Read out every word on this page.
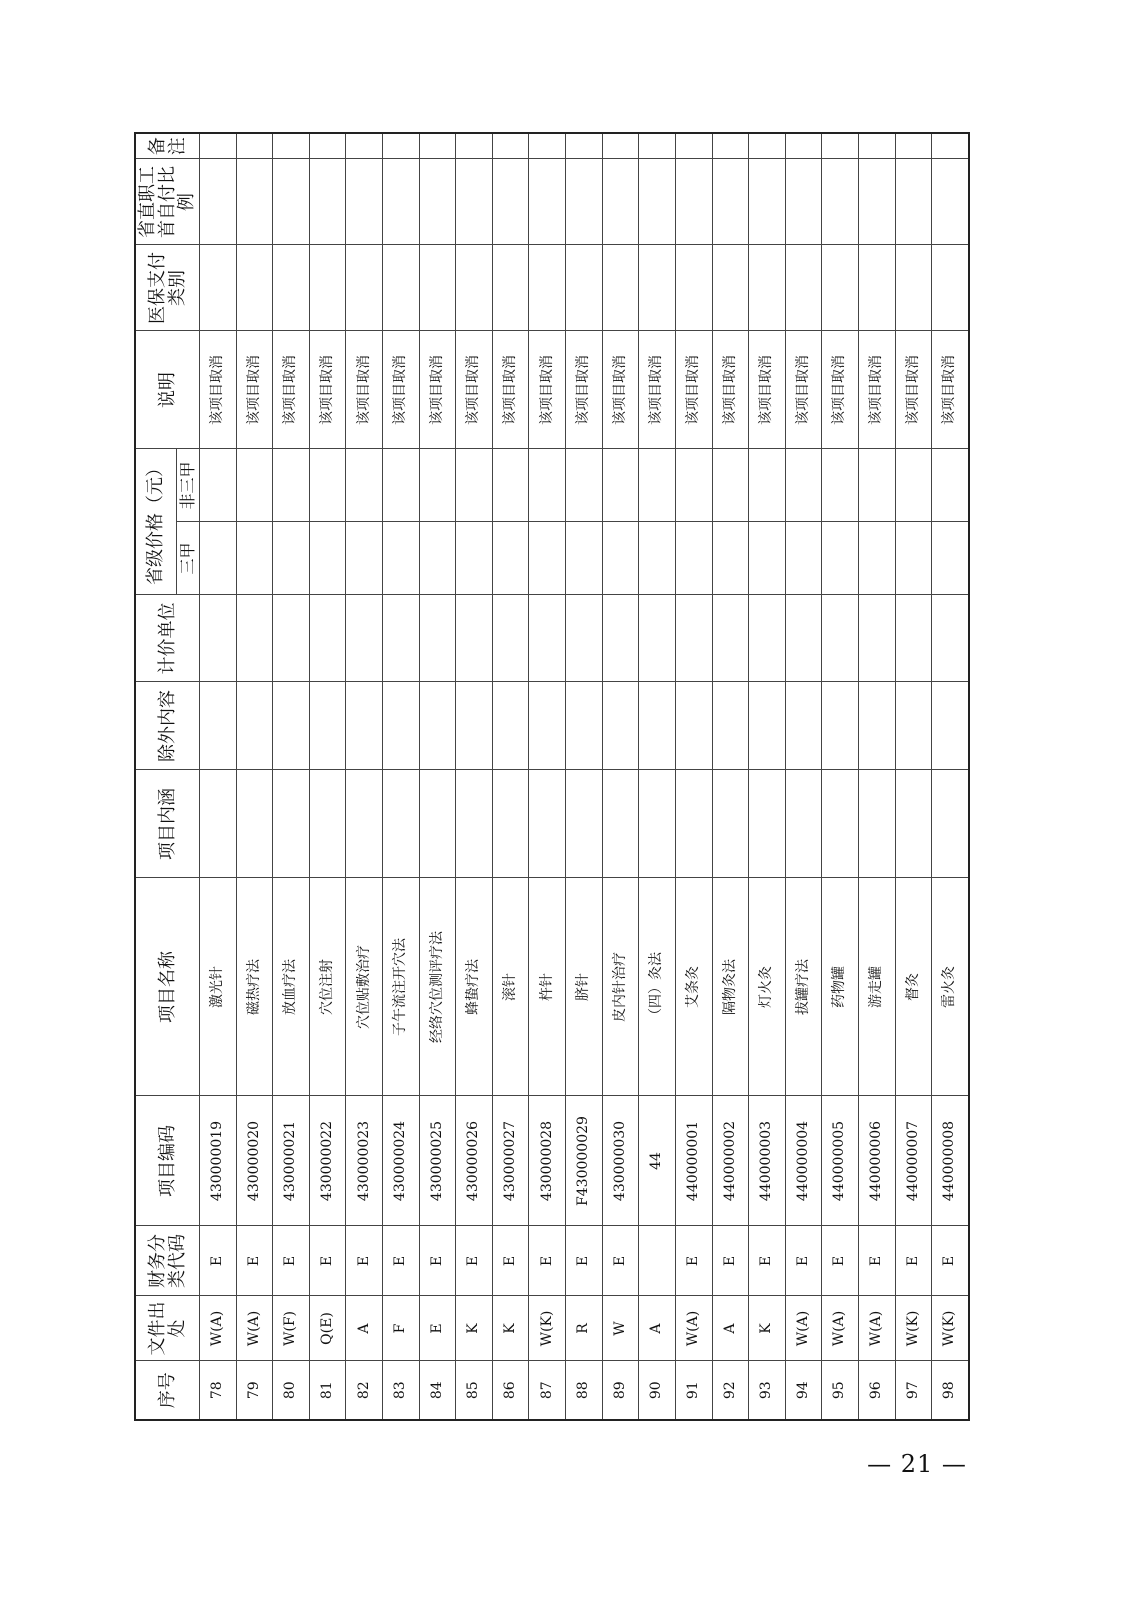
序号	文件出处	财务分类代码	项目编码	项目名称	项目内涵	除外内容	计价单位	省级价格（元）		说明	医保支付类别	省直职工首自付比例	备注
								三甲	非三甲				
78	W(A)	E	430000019	激光针						该项目取消			
79	W(A)	E	430000020	磁热疗法						该项目取消			
80	W(F)	E	430000021	放血疗法						该项目取消			
81	Q(E)	E	430000022	穴位注射						该项目取消			
82	A	E	430000023	穴位贴敷治疗						该项目取消			
83	F	E	430000024	子午流注开穴法						该项目取消			
84	E	E	430000025	经络穴位测评疗法						该项目取消			
85	K	E	430000026	蜂蛰疗法						该项目取消			
86	K	E	430000027	滚针						该项目取消			
87	W(K)	E	430000028	杵针						该项目取消			
88	R	E	F430000029	脐针						该项目取消			
89	W	E	430000030	皮内针治疗						该项目取消			
90	A		44	（四）灸法						该项目取消			
91	W(A)	E	440000001	艾条灸						该项目取消			
92	A	E	440000002	隔物灸法						该项目取消			
93	K	E	440000003	灯火灸						该项目取消			
94	W(A)	E	440000004	拔罐疗法						该项目取消			
95	W(A)	E	440000005	药物罐						该项目取消			
96	W(A)	E	440000006	游走罐						该项目取消			
97	W(K)	E	440000007	督灸						该项目取消			
98	W(K)	E	440000008	雷火灸						该项目取消			
— 21 —
